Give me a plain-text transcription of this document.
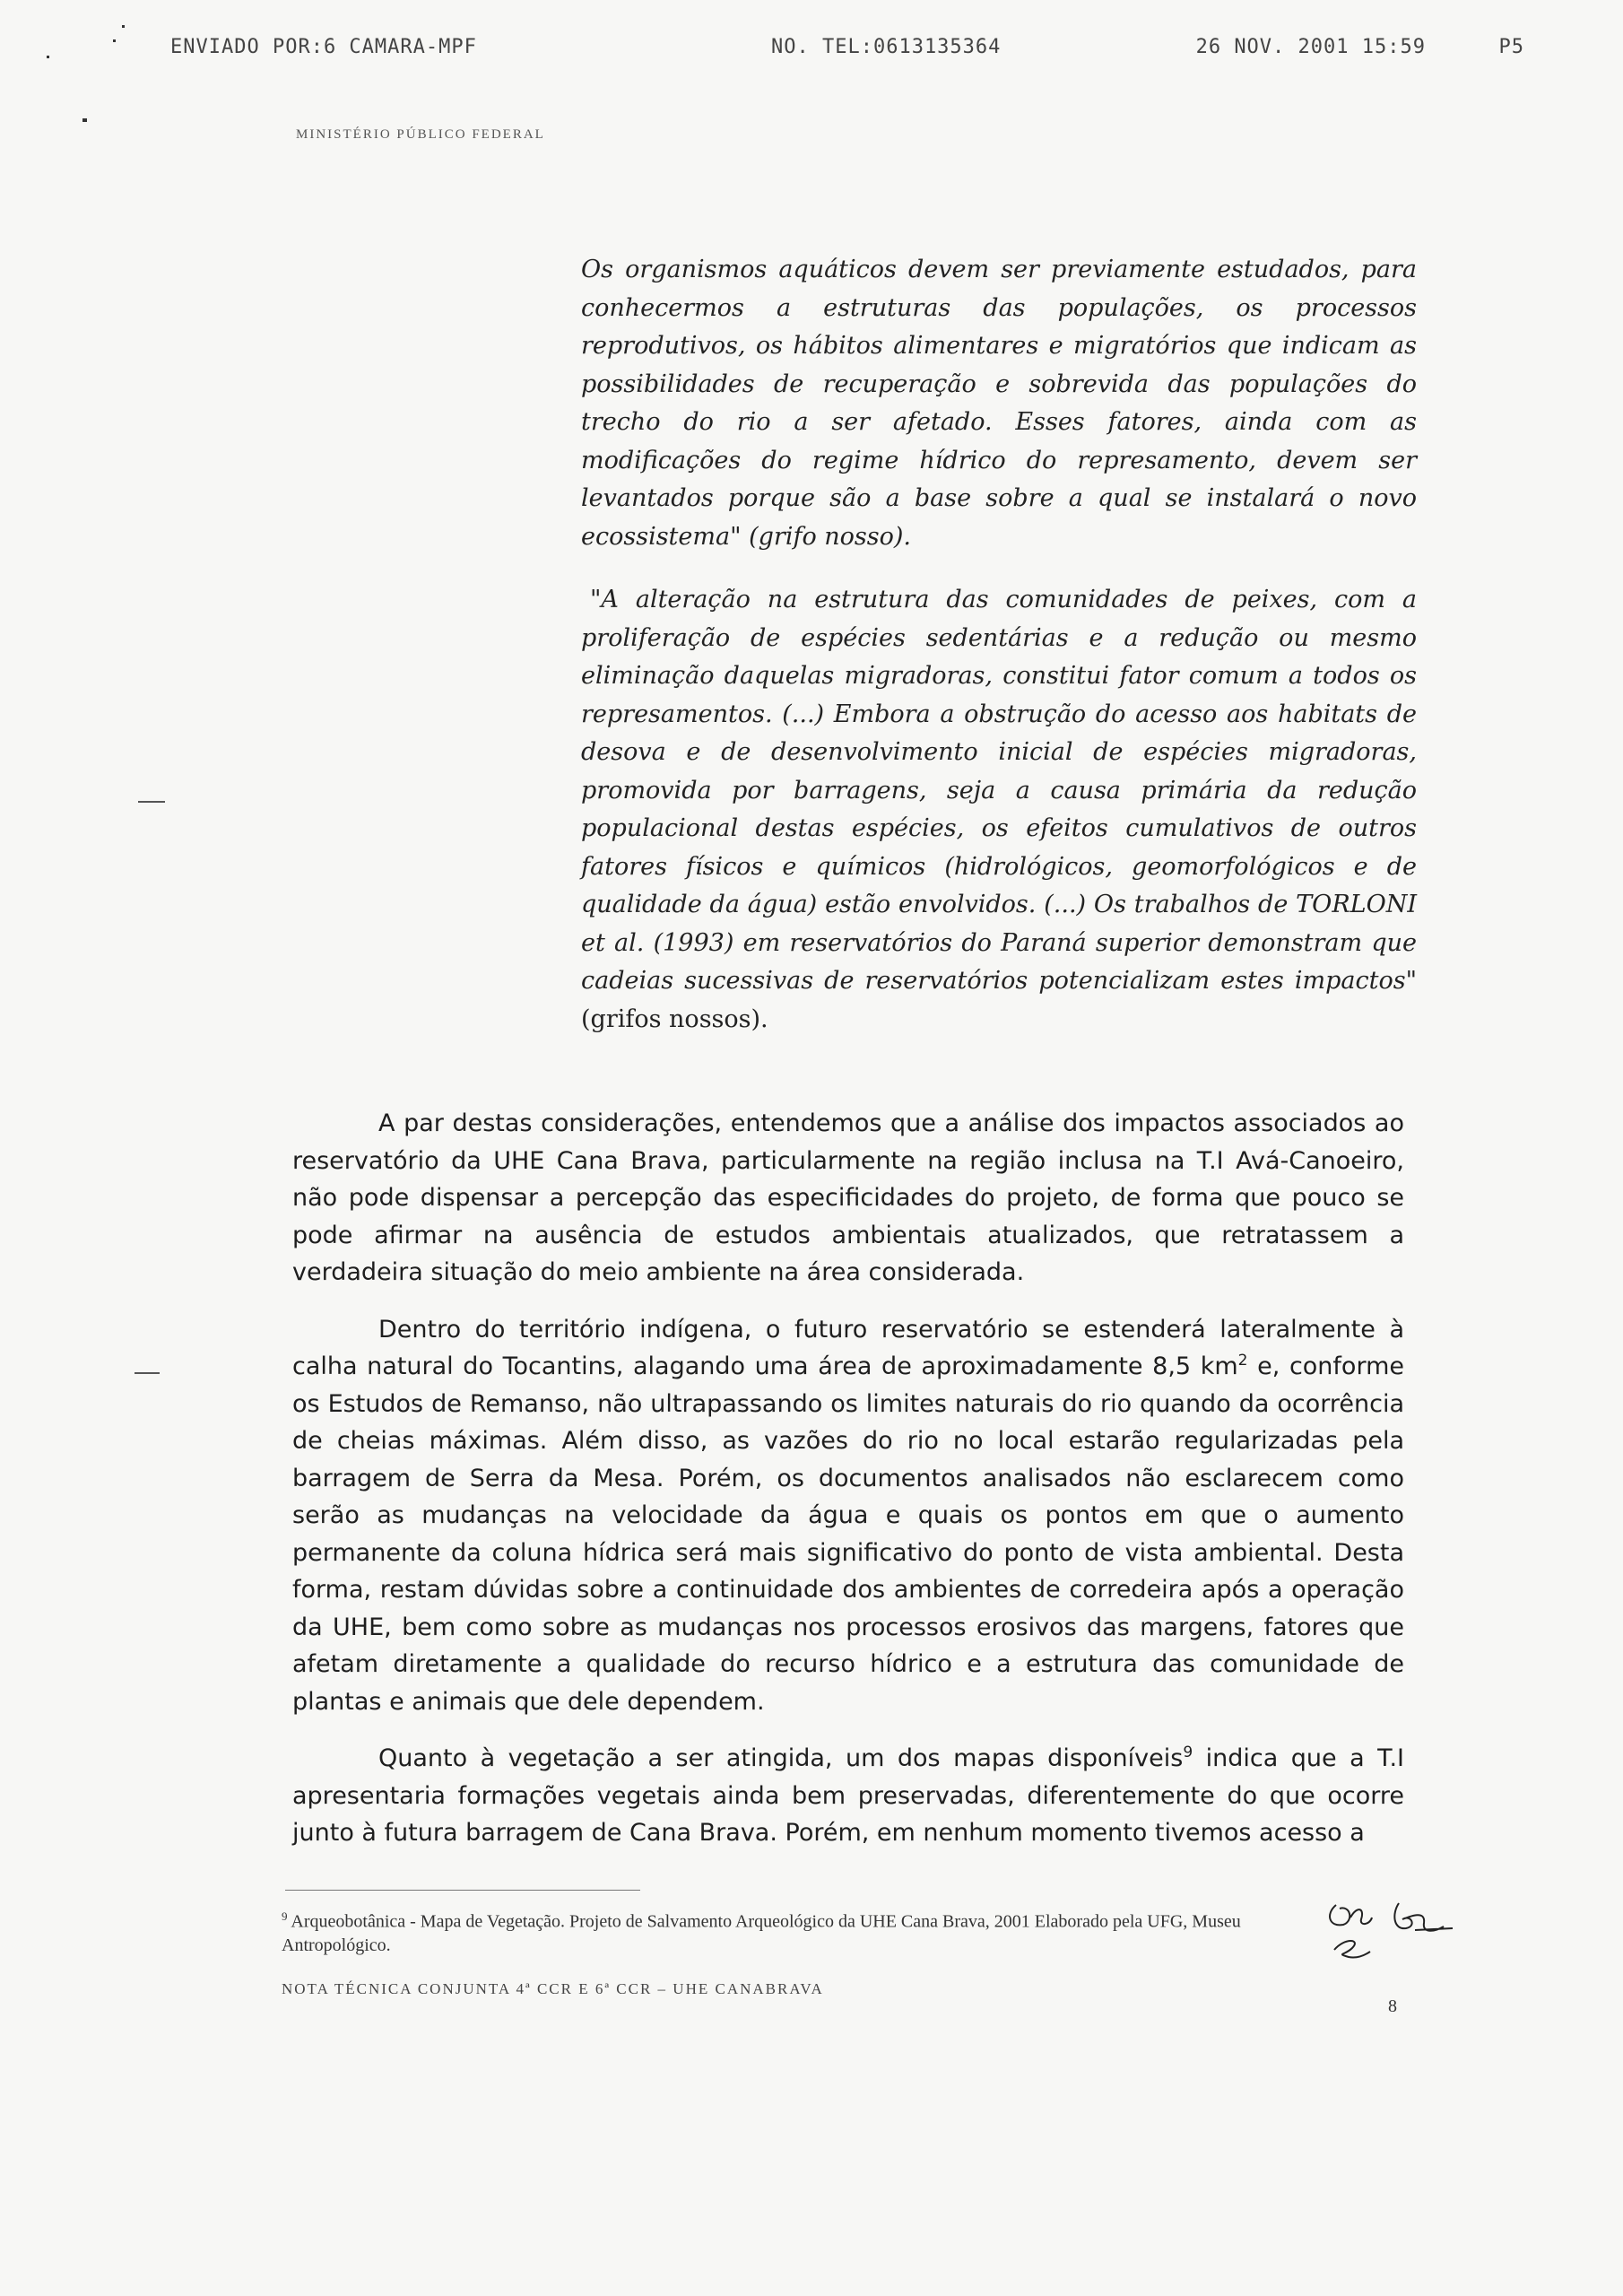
ENVIADO POR:6 CAMARA-MPF	NO. TEL:0613135364	26 NOV. 2001 15:59	P5
MINISTÉRIO PÚBLICO FEDERAL

Os organismos aquáticos devem ser previamente estudados, para conhecermos a estruturas das populações, os processos reprodutivos, os hábitos alimentares e migratórios que indicam as possibilidades de recuperação e sobrevida das populações do trecho do rio a ser afetado. Esses fatores, ainda com as modificações do regime hídrico do represamento, devem ser levantados porque são a base sobre a qual se instalará o novo ecossistema" (grifo nosso).

"A alteração na estrutura das comunidades de peixes, com a proliferação de espécies sedentárias e a redução ou mesmo eliminação daquelas migradoras, constitui fator comum a todos os represamentos. (...) Embora a obstrução do acesso aos habitats de desova e de desenvolvimento inicial de espécies migradoras, promovida por barragens, seja a causa primária da redução populacional destas espécies, os efeitos cumulativos de outros fatores físicos e químicos (hidrológicos, geomorfológicos e de qualidade da água) estão envolvidos. (...) Os trabalhos de TORLONI et al. (1993) em reservatórios do Paraná superior demonstram que cadeias sucessivas de reservatórios potencializam estes impactos" (grifos nossos).

A par destas considerações, entendemos que a análise dos impactos associados ao reservatório da UHE Cana Brava, particularmente na região inclusa na T.I Avá-Canoeiro, não pode dispensar a percepção das especificidades do projeto, de forma que pouco se pode afirmar na ausência de estudos ambientais atualizados, que retratassem a verdadeira situação do meio ambiente na área considerada.

Dentro do território indígena, o futuro reservatório se estenderá lateralmente à calha natural do Tocantins, alagando uma área de aproximadamente 8,5 $km^2$ e, conforme os Estudos de Remanso, não ultrapassando os limites naturais do rio quando da ocorrência de cheias máximas. Além disso, as vazões do rio no local estarão regularizadas pela barragem de Serra da Mesa. Porém, os documentos analisados não esclarecem como serão as mudanças na velocidade da água e quais os pontos em que o aumento permanente da coluna hídrica será mais significativo do ponto de vista ambiental. Desta forma, restam dúvidas sobre a continuidade dos ambientes de corredeira após a operação da UHE, bem como sobre as mudanças nos processos erosivos das margens, fatores que afetam diretamente a qualidade do recurso hídrico e a estrutura das comunidade de plantas e animais que dele dependem.

Quanto à vegetação a ser atingida, um dos mapas disponíveis$^9$ indica que a T.I apresentaria formações vegetais ainda bem preservadas, diferentemente do que ocorre junto à futura barragem de Cana Brava. Porém, em nenhum momento tivemos acesso a

$^9$ Arqueobotânica - Mapa de Vegetação. Projeto de Salvamento Arqueológico da UHE Cana Brava, 2001 Elaborado pela UFG, Museu Antropológico.
NOTA TÉCNICA CONJUNTA 4ª CCR E 6ª CCR – UHE CANABRAVA
8
